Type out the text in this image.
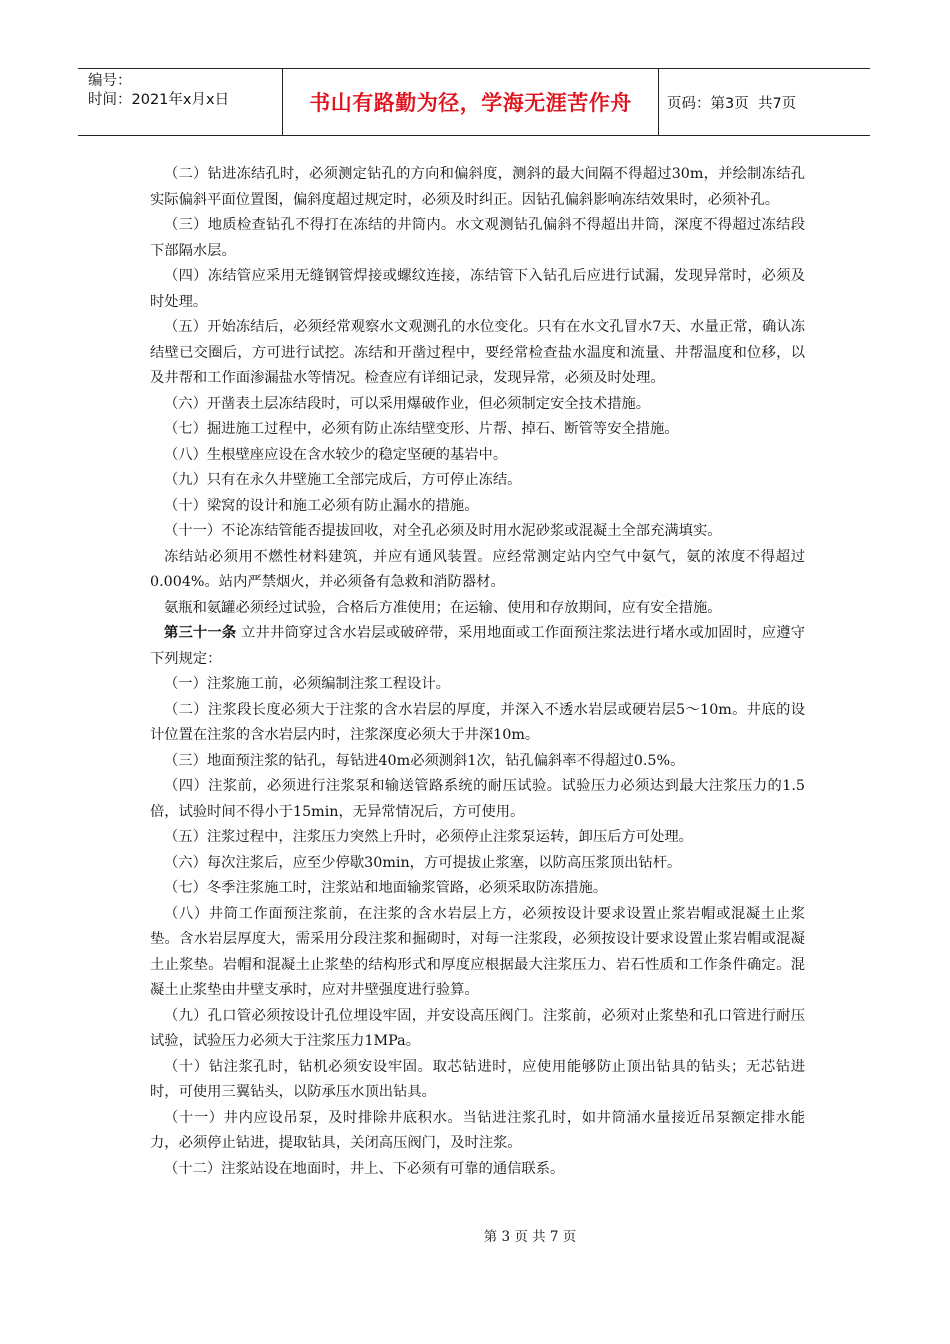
编号：
时间：2021年x月x日	书山有路勤为径，学海无涯苦作舟	页码：第3页  共7页

（二）钻进冻结孔时，必须测定钻孔的方向和偏斜度，测斜的最大间隔不得超过30m，并绘制冻结孔实际偏斜平面位置图，偏斜度超过规定时，必须及时纠正。因钻孔偏斜影响冻结效果时，必须补孔。

（三）地质检查钻孔不得打在冻结的井筒内。水文观测钻孔偏斜不得超出井筒，深度不得超过冻结段下部隔水层。

（四）冻结管应采用无缝钢管焊接或螺纹连接，冻结管下入钻孔后应进行试漏，发现异常时，必须及时处理。

（五）开始冻结后，必须经常观察水文观测孔的水位变化。只有在水文孔冒水7天、水量正常，确认冻结壁已交圈后，方可进行试挖。冻结和开凿过程中，要经常检查盐水温度和流量、井帮温度和位移，以及井帮和工作面渗漏盐水等情况。检查应有详细记录，发现异常，必须及时处理。

（六）开凿表土层冻结段时，可以采用爆破作业，但必须制定安全技术措施。

（七）掘进施工过程中，必须有防止冻结壁变形、片帮、掉石、断管等安全措施。

（八）生根壁座应设在含水较少的稳定坚硬的基岩中。

（九）只有在永久井壁施工全部完成后，方可停止冻结。

（十）梁窝的设计和施工必须有防止漏水的措施。

（十一）不论冻结管能否提拔回收，对全孔必须及时用水泥砂浆或混凝土全部充满填实。

冻结站必须用不燃性材料建筑，并应有通风装置。应经常测定站内空气中氨气，氨的浓度不得超过0.004%。站内严禁烟火，并必须备有急救和消防器材。

氨瓶和氨罐必须经过试验，合格后方准使用；在运输、使用和存放期间，应有安全措施。

第三十一条 立井井筒穿过含水岩层或破碎带，采用地面或工作面预注浆法进行堵水或加固时，应遵守下列规定：

（一）注浆施工前，必须编制注浆工程设计。

（二）注浆段长度必须大于注浆的含水岩层的厚度，并深入不透水岩层或硬岩层5～10m。井底的设计位置在注浆的含水岩层内时，注浆深度必须大于井深10m。

（三）地面预注浆的钻孔，每钻进40m必须测斜1次，钻孔偏斜率不得超过0.5%。

（四）注浆前，必须进行注浆泵和输送管路系统的耐压试验。试验压力必须达到最大注浆压力的1.5倍，试验时间不得小于15min，无异常情况后，方可使用。

（五）注浆过程中，注浆压力突然上升时，必须停止注浆泵运转，卸压后方可处理。

（六）每次注浆后，应至少停歇30min，方可提拔止浆塞，以防高压浆顶出钻杆。

（七）冬季注浆施工时，注浆站和地面输浆管路，必须采取防冻措施。

（八）井筒工作面预注浆前，在注浆的含水岩层上方，必须按设计要求设置止浆岩帽或混凝土止浆垫。含水岩层厚度大，需采用分段注浆和掘砌时，对每一注浆段，必须按设计要求设置止浆岩帽或混凝土止浆垫。岩帽和混凝土止浆垫的结构形式和厚度应根据最大注浆压力、岩石性质和工作条件确定。混凝土止浆垫由井壁支承时，应对井壁强度进行验算。

（九）孔口管必须按设计孔位埋设牢固，并安设高压阀门。注浆前，必须对止浆垫和孔口管进行耐压试验，试验压力必须大于注浆压力1MPa。

（十）钻注浆孔时，钻机必须安设牢固。取芯钻进时，应使用能够防止顶出钻具的钻头；无芯钻进时，可使用三翼钻头，以防承压水顶出钻具。

（十一）井内应设吊泵，及时排除井底积水。当钻进注浆孔时，如井筒涌水量接近吊泵额定排水能力，必须停止钻进，提取钻具，关闭高压阀门，及时注浆。

（十二）注浆站设在地面时，井上、下必须有可靠的通信联系。

第 3 页 共 7 页
